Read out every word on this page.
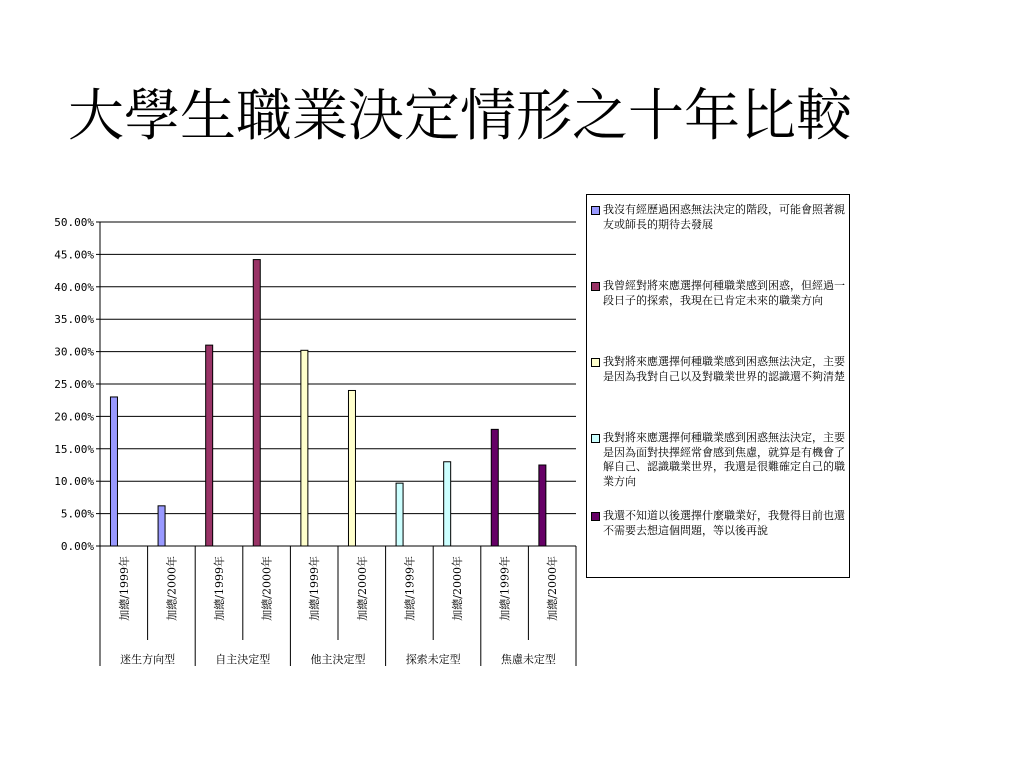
大學生職業決定情形之十年比較
0.00%
5.00%
10.00%
15.00%
20.00%
25.00%
30.00%
35.00%
40.00%
45.00%
50.00%
加總/1999年	加總/2000年
迷生方向型
加總/1999年	加總/2000年
自主決定型
加總/1999年	加總/2000年
他主決定型
加總/1999年	加總/2000年
探索未定型
加總/1999年	加總/2000年
焦慮未定型
我沒有經歷過困惑無法決定的階段，可能會照著親友或師長的期待去發展
我曾經對將來應選擇何種職業感到困惑，但經過一段日子的探索，我現在已肯定未來的職業方向
我對將來應選擇何種職業感到困惑無法決定，主要是因為我對自己以及對職業世界的認識還不夠清楚
我對將來應選擇何種職業感到困惑無法決定，主要是因為面對抉擇經常會感到焦慮，就算是有機會了解自己、認識職業世界，我還是很難確定自己的職業方向
我還不知道以後選擇什麼職業好，我覺得目前也還不需要去想這個問題，等以後再說
